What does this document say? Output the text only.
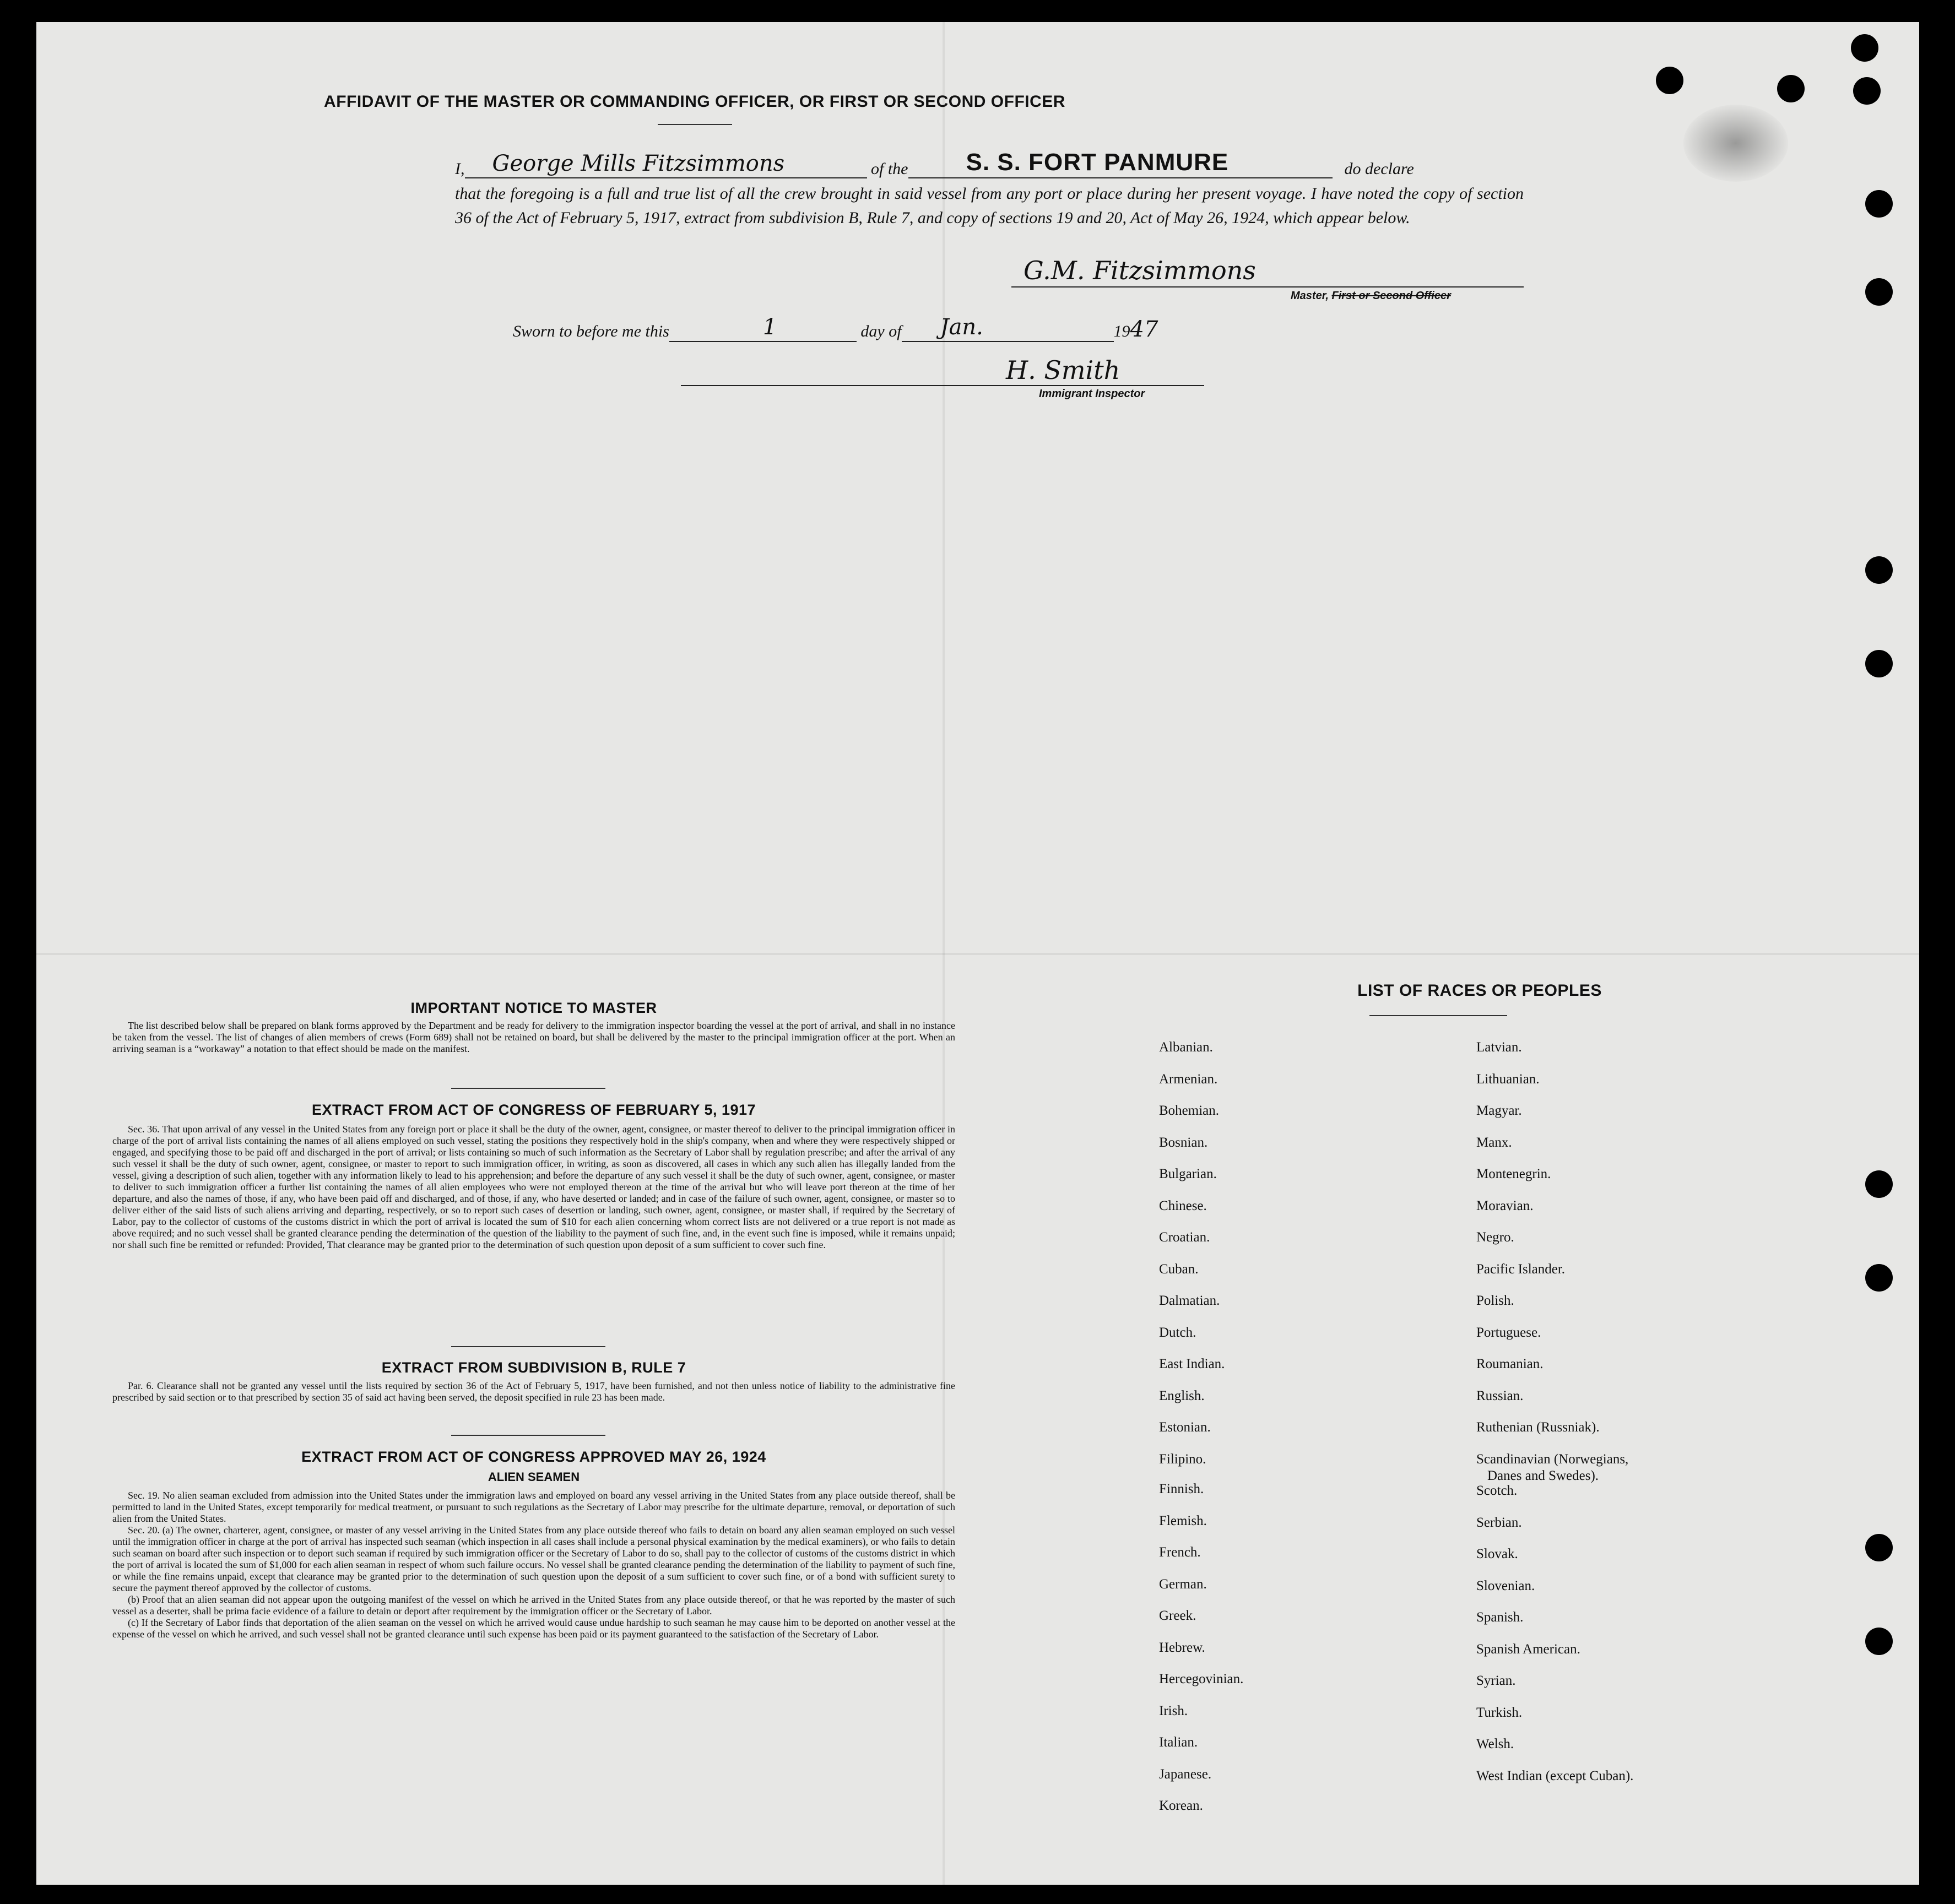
AFFIDAVIT OF THE MASTER OR COMMANDING OFFICER, OR FIRST OR SECOND OFFICER
I, George Mills Fitzsimmons	of the S. S. FORT PANMURE	do declare
that the foregoing is a full and true list of all the crew brought in said vessel from any port or place during her present voyage. I have noted the copy of section 36 of the Act of February 5, 1917, extract from subdivision B, Rule 7, and copy of sections 19 and 20, Act of May 26, 1924, which appear below.
G.M. Fitzsimmons
Master, First or Second Officer
Sworn to before me this	1	day of Jan.	1947
H. Smith
Immigrant Inspector
IMPORTANT NOTICE TO MASTER

The list described below shall be prepared on blank forms approved by the Department and be ready for delivery to the immigration inspector boarding the vessel at the port of arrival, and shall in no instance be taken from the vessel. The list of changes of alien members of crews (Form 689) shall not be retained on board, but shall be delivered by the master to the principal immigration officer at the port. When an arriving seaman is a “workaway” a notation to that effect should be made on the manifest.

EXTRACT FROM ACT OF CONGRESS OF FEBRUARY 5, 1917

Sec. 36. That upon arrival of any vessel in the United States from any foreign port or place it shall be the duty of the owner, agent, consignee, or master thereof to deliver to the principal immigration officer in charge of the port of arrival lists containing the names of all aliens employed on such vessel, stating the positions they respectively hold in the ship's company, when and where they were respectively shipped or engaged, and specifying those to be paid off and discharged in the port of arrival; or lists containing so much of such information as the Secretary of Labor shall by regulation prescribe; and after the arrival of any such vessel it shall be the duty of such owner, agent, consignee, or master to report to such immigration officer, in writing, as soon as discovered, all cases in which any such alien has illegally landed from the vessel, giving a description of such alien, together with any information likely to lead to his apprehension; and before the departure of any such vessel it shall be the duty of such owner, agent, consignee, or master to deliver to such immigration officer a further list containing the names of all alien employees who were not employed thereon at the time of the arrival but who will leave port thereon at the time of her departure, and also the names of those, if any, who have been paid off and discharged, and of those, if any, who have deserted or landed; and in case of the failure of such owner, agent, consignee, or master so to deliver either of the said lists of such aliens arriving and departing, respectively, or so to report such cases of desertion or landing, such owner, agent, consignee, or master shall, if required by the Secretary of Labor, pay to the collector of customs of the customs district in which the port of arrival is located the sum of $10 for each alien concerning whom correct lists are not delivered or a true report is not made as above required; and no such vessel shall be granted clearance pending the determination of the question of the liability to the payment of such fine, and, in the event such fine is imposed, while it remains unpaid; nor shall such fine be remitted or refunded: Provided, That clearance may be granted prior to the determination of such question upon deposit of a sum sufficient to cover such fine.

EXTRACT FROM SUBDIVISION B, RULE 7

Par. 6. Clearance shall not be granted any vessel until the lists required by section 36 of the Act of February 5, 1917, have been furnished, and not then unless notice of liability to the administrative fine prescribed by said section or to that prescribed by section 35 of said act having been served, the deposit specified in rule 23 has been made.

EXTRACT FROM ACT OF CONGRESS APPROVED MAY 26, 1924
ALIEN SEAMEN

Sec. 19. No alien seaman excluded from admission into the United States under the immigration laws and employed on board any vessel arriving in the United States from any place outside thereof, shall be permitted to land in the United States, except temporarily for medical treatment, or pursuant to such regulations as the Secretary of Labor may prescribe for the ultimate departure, removal, or deportation of such alien from the United States.

Sec. 20. (a) The owner, charterer, agent, consignee, or master of any vessel arriving in the United States from any place outside thereof who fails to detain on board any alien seaman employed on such vessel until the immigration officer in charge at the port of arrival has inspected such seaman (which inspection in all cases shall include a personal physical examination by the medical examiners), or who fails to detain such seaman on board after such inspection or to deport such seaman if required by such immigration officer or the Secretary of Labor to do so, shall pay to the collector of customs of the customs district in which the port of arrival is located the sum of $1,000 for each alien seaman in respect of whom such failure occurs. No vessel shall be granted clearance pending the determination of the liability to payment of such fine, or while the fine remains unpaid, except that clearance may be granted prior to the determination of such question upon the deposit of a sum sufficient to cover such fine, or of a bond with sufficient surety to secure the payment thereof approved by the collector of customs.

(b) Proof that an alien seaman did not appear upon the outgoing manifest of the vessel on which he arrived in the United States from any place outside thereof, or that he was reported by the master of such vessel as a deserter, shall be prima facie evidence of a failure to detain or deport after requirement by the immigration officer or the Secretary of Labor.

(c) If the Secretary of Labor finds that deportation of the alien seaman on the vessel on which he arrived would cause undue hardship to such seaman he may cause him to be deported on another vessel at the expense of the vessel on which he arrived, and such vessel shall not be granted clearance until such expense has been paid or its payment guaranteed to the satisfaction of the Secretary of Labor.

LIST OF RACES OR PEOPLES
Albanian.
Armenian.
Bohemian.
Bosnian.
Bulgarian.
Chinese.
Croatian.
Cuban.
Dalmatian.
Dutch.
East Indian.
English.
Estonian.
Filipino.
Finnish.
Flemish.
French.
German.
Greek.
Hebrew.
Hercegovinian.
Irish.
Italian.
Japanese.
Korean.
Latvian.
Lithuanian.
Magyar.
Manx.
Montenegrin.
Moravian.
Negro.
Pacific Islander.
Polish.
Portuguese.
Roumanian.
Russian.
Ruthenian (Russniak).
Scandinavian (Norwegians,
Danes and Swedes).
Scotch.
Serbian.
Slovak.
Slovenian.
Spanish.
Spanish American.
Syrian.
Turkish.
Welsh.
West Indian (except Cuban).
